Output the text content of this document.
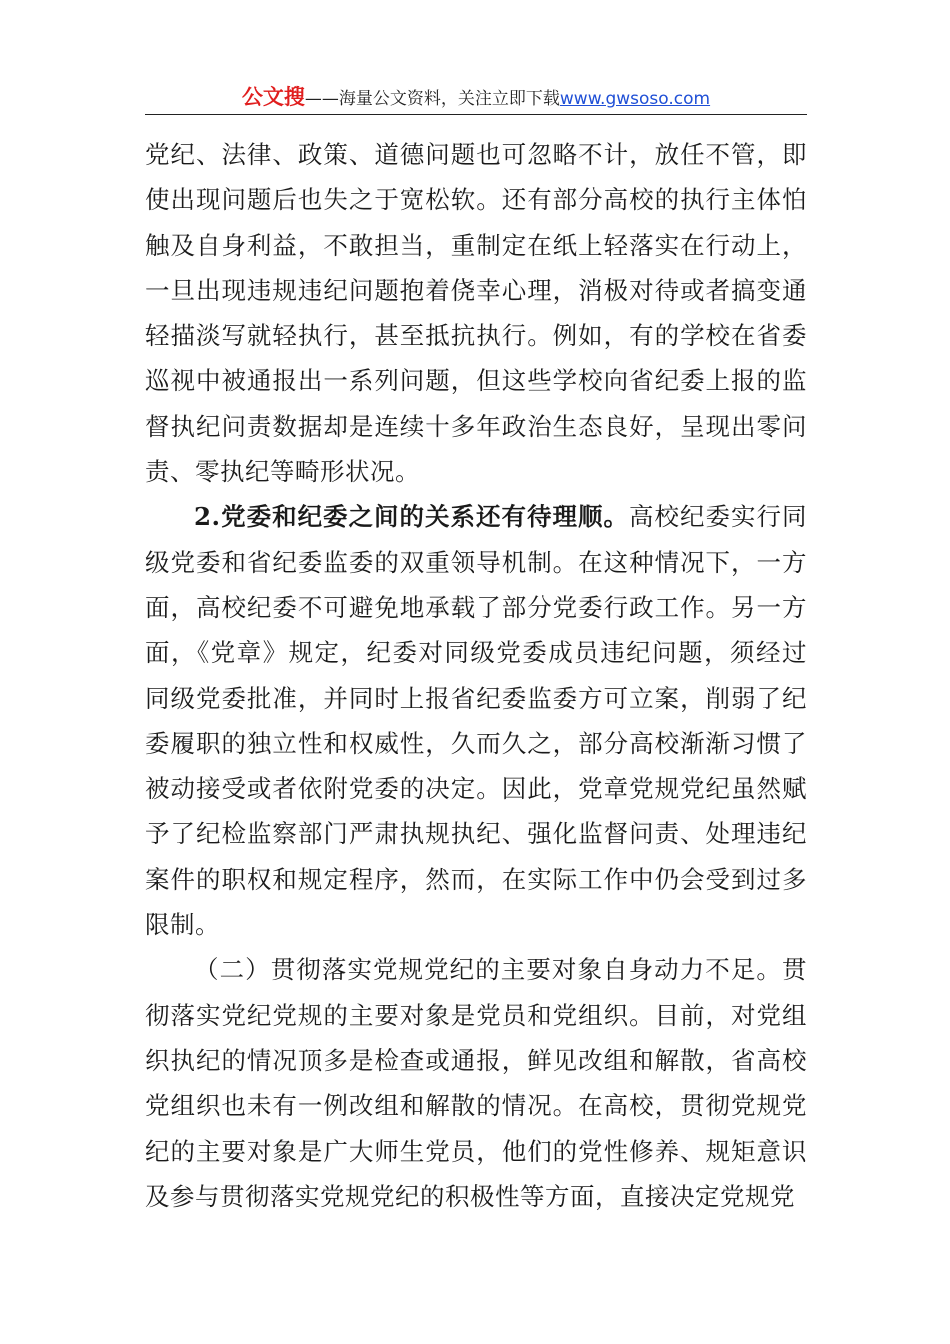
公文搜——海量公文资料，关注立即下载www.gwsoso.com

党纪、法律、政策、道德问题也可忽略不计，放任不管，即使出现问题后也失之于宽松软。还有部分高校的执行主体怕触及自身利益，不敢担当，重制定在纸上轻落实在行动上，一旦出现违规违纪问题抱着侥幸心理，消极对待或者搞变通轻描淡写就轻执行，甚至抵抗执行。例如，有的学校在省委巡视中被通报出一系列问题，但这些学校向省纪委上报的监督执纪问责数据却是连续十多年政治生态良好，呈现出零问责、零执纪等畸形状况。

2.党委和纪委之间的关系还有待理顺。高校纪委实行同级党委和省纪委监委的双重领导机制。在这种情况下，一方面，高校纪委不可避免地承载了部分党委行政工作。另一方面，《党章》规定，纪委对同级党委成员违纪问题，须经过同级党委批准，并同时上报省纪委监委方可立案，削弱了纪委履职的独立性和权威性，久而久之，部分高校渐渐习惯了被动接受或者依附党委的决定。因此，党章党规党纪虽然赋予了纪检监察部门严肃执规执纪、强化监督问责、处理违纪案件的职权和规定程序，然而，在实际工作中仍会受到过多限制。

（二）贯彻落实党规党纪的主要对象自身动力不足。贯彻落实党纪党规的主要对象是党员和党组织。目前，对党组织执纪的情况顶多是检查或通报，鲜见改组和解散，省高校党组织也未有一例改组和解散的情况。在高校，贯彻党规党纪的主要对象是广大师生党员，他们的党性修养、规矩意识及参与贯彻落实党规党纪的积极性等方面，直接决定党规党
